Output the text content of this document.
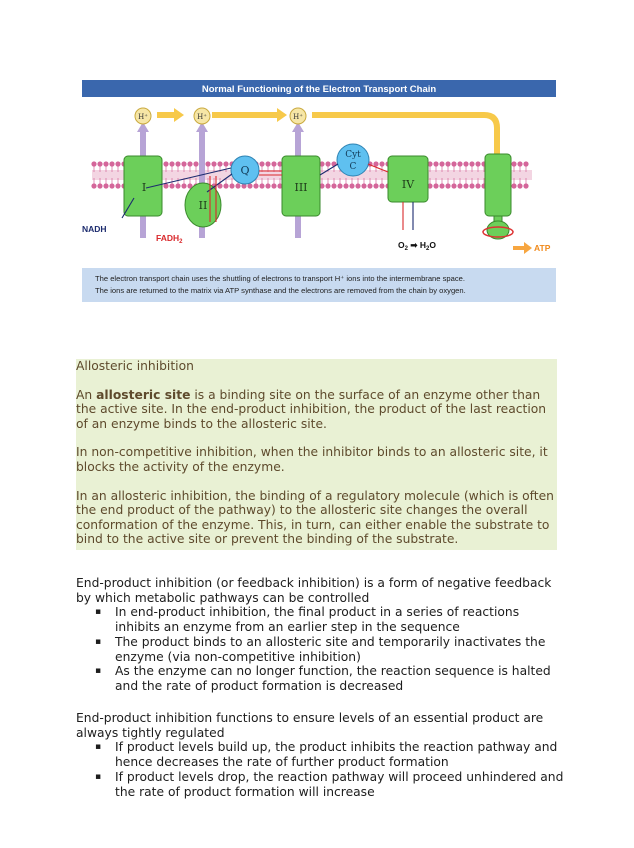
Normal Functioning of the Electron Transport Chain
H⁺	H⁺	H⁺
I
II
Q
III
Cyt
C
IV
NADH
$FADH_2$	$O_2$ ➡ $H_2O$	ATP
The electron transport chain uses the shuttling of electrons to transport H⁺ ions into the intermembrane space.
The ions are returned to the matrix via ATP synthase and the electrons are removed from the chain by oxygen.

Allosteric inhibition

An allosteric site is a binding site on the surface of an enzyme other than the active site. In the end-product inhibition, the product of the last reaction of an enzyme binds to the allosteric site.

In non-competitive inhibition, when the inhibitor binds to an allosteric site, it blocks the activity of the enzyme.

In an allosteric inhibition, the binding of a regulatory molecule (which is often the end product of the pathway) to the allosteric site changes the overall conformation of the enzyme. This, in turn, can either enable the substrate to bind to the active site or prevent the binding of the substrate.

End-product inhibition (or feedback inhibition) is a form of negative feedback by which metabolic pathways can be controlled

▪ In end-product inhibition, the final product in a series of reactions inhibits an enzyme from an earlier step in the sequence
▪ The product binds to an allosteric site and temporarily inactivates the enzyme (via non-competitive inhibition)
▪ As the enzyme can no longer function, the reaction sequence is halted and the rate of product formation is decreased

End-product inhibition functions to ensure levels of an essential product are always tightly regulated

▪ If product levels build up, the product inhibits the reaction pathway and hence decreases the rate of further product formation
▪ If product levels drop, the reaction pathway will proceed unhindered and the rate of product formation will increase
